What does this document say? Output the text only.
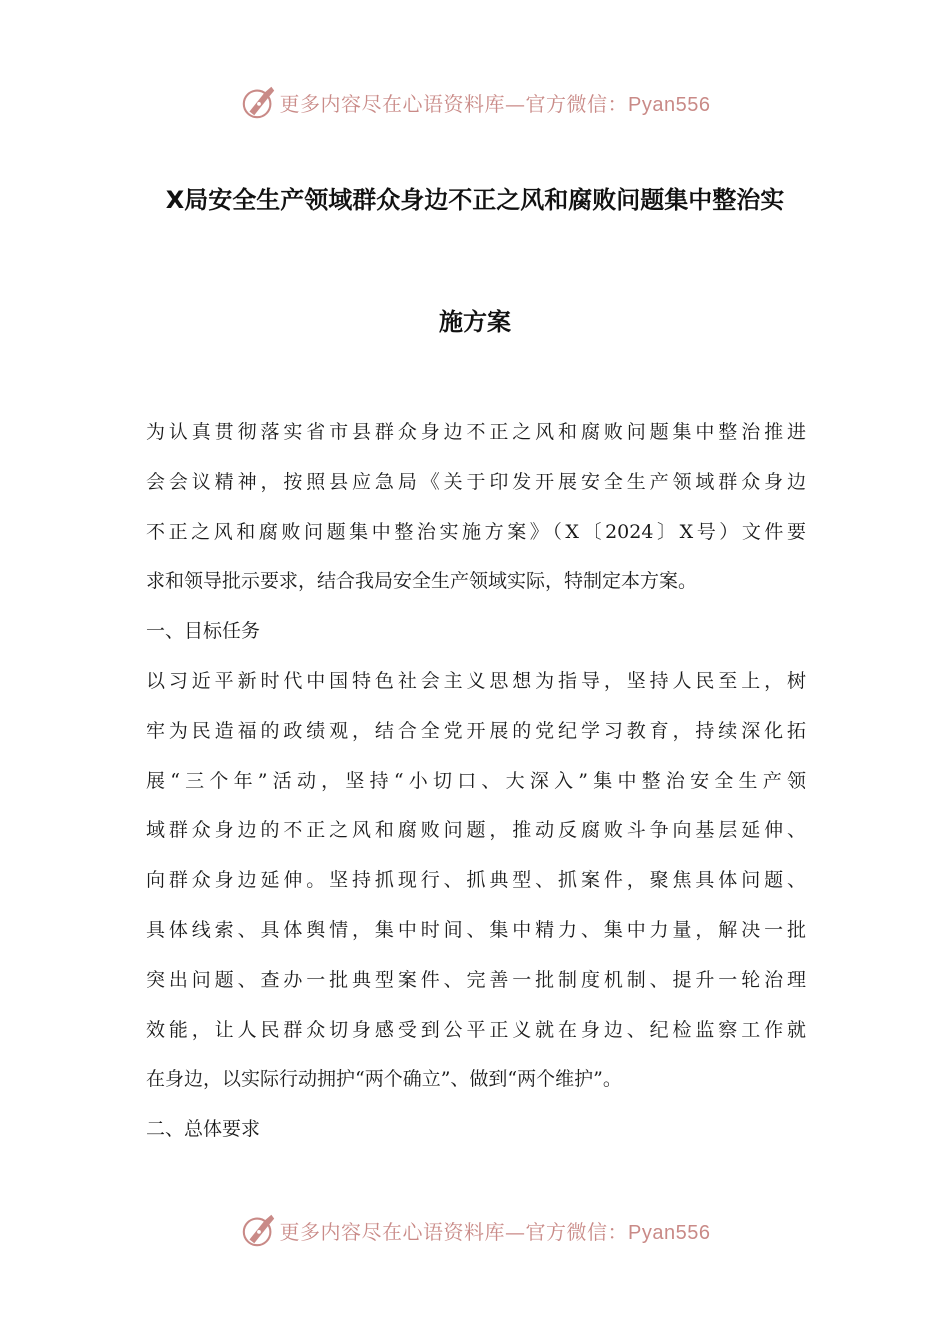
更多内容尽在心语资料库—官方微信：Pyan556
X局安全生产领域群众身边不正之风和腐败问题集中整治实
施方案
为认真贯彻落实省市县群众身边不正之风和腐败问题集中整治推进
会会议精神，按照县应急局《关于印发开展安全生产领域群众身边
不正之风和腐败问题集中整治实施方案》（X〔2024〕X号）文件要
求和领导批示要求，结合我局安全生产领域实际，特制定本方案。
一、目标任务
以习近平新时代中国特色社会主义思想为指导，坚持人民至上，树
牢为民造福的政绩观，结合全党开展的党纪学习教育，持续深化拓
展“三个年”活动，坚持“小切口、大深入”集中整治安全生产领
域群众身边的不正之风和腐败问题，推动反腐败斗争向基层延伸、
向群众身边延伸。坚持抓现行、抓典型、抓案件，聚焦具体问题、
具体线索、具体舆情，集中时间、集中精力、集中力量，解决一批
突出问题、查办一批典型案件、完善一批制度机制、提升一轮治理
效能，让人民群众切身感受到公平正义就在身边、纪检监察工作就
在身边，以实际行动拥护“两个确立”、做到“两个维护”。
二、总体要求
更多内容尽在心语资料库—官方微信：Pyan556
